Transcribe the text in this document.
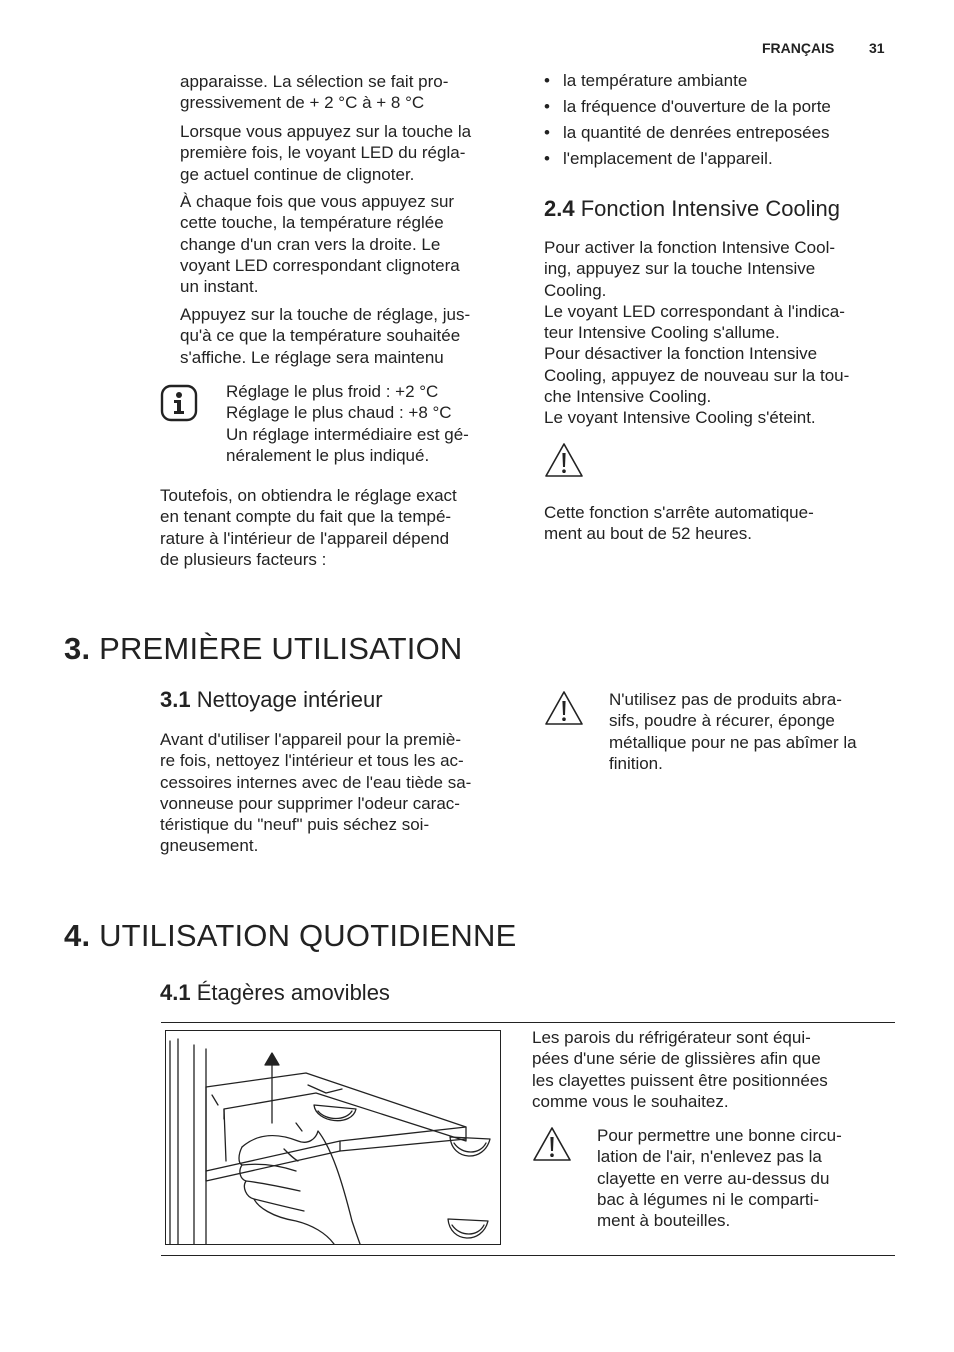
FRANÇAIS 31

apparaisse. La sélection se fait pro-
gressivement de + 2 °C à + 8 °C

Lorsque vous appuyez sur la touche la
première fois, le voyant LED du régla-
ge actuel continue de clignoter.

À chaque fois que vous appuyez sur
cette touche, la température réglée
change d'un cran vers la droite. Le
voyant LED correspondant clignotera
un instant.

Appuyez sur la touche de réglage, jus-
qu'à ce que la température souhaitée
s'affiche. Le réglage sera maintenu

Réglage le plus froid : +2 °C
Réglage le plus chaud : +8 °C
Un réglage intermédiaire est gé-
néralement le plus indiqué.

Toutefois, on obtiendra le réglage exact
en tenant compte du fait que la tempé-
rature à l'intérieur de l'appareil dépend
de plusieurs facteurs :

• la température ambiante
• la fréquence d'ouverture de la porte
• la quantité de denrées entreposées
• l'emplacement de l'appareil.
2.4 Fonction Intensive Cooling

Pour activer la fonction Intensive Cool-
ing, appuyez sur la touche Intensive
Cooling.
Le voyant LED correspondant à l'indica-
teur Intensive Cooling s'allume.
Pour désactiver la fonction Intensive
Cooling, appuyez de nouveau sur la tou-
che Intensive Cooling.
Le voyant Intensive Cooling s'éteint.

Cette fonction s'arrête automatique-
ment au bout de 52 heures.

3. PREMIÈRE UTILISATION
3.1 Nettoyage intérieur

Avant d'utiliser l'appareil pour la premiè-
re fois, nettoyez l'intérieur et tous les ac-
cessoires internes avec de l'eau tiède sa-
vonneuse pour supprimer l'odeur carac-
téristique du "neuf" puis séchez soi-
gneusement.

N'utilisez pas de produits abra-
sifs, poudre à récurer, éponge
métallique pour ne pas abîmer la
finition.

4. UTILISATION QUOTIDIENNE
4.1 Étagères amovibles

Les parois du réfrigérateur sont équi-
pées d'une série de glissières afin que
les clayettes puissent être positionnées
comme vous le souhaitez.

Pour permettre une bonne circu-
lation de l'air, n'enlevez pas la
clayette en verre au-dessus du
bac à légumes ni le comparti-
ment à bouteilles.
